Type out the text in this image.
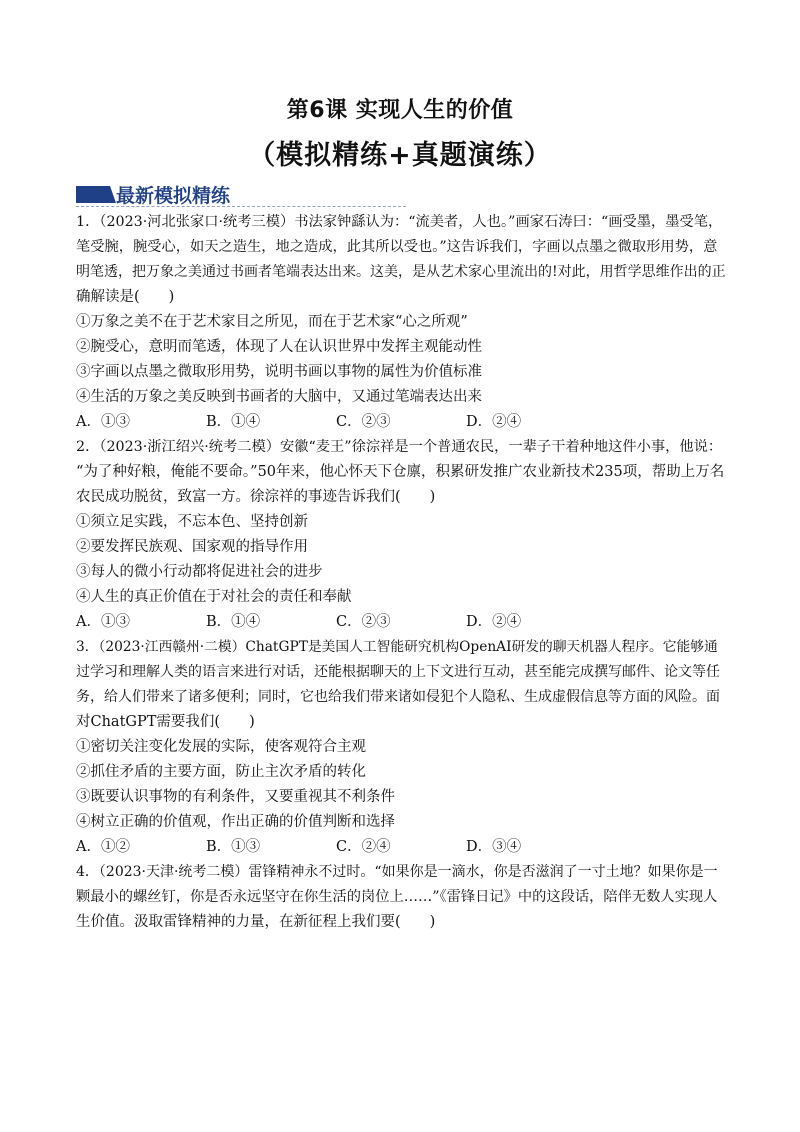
第6课 实现人生的价值
（模拟精练+真题演练）
最新模拟精练
1．（2023·河北张家口·统考三模）书法家钟繇认为：“流美者，人也。”画家石涛曰：“画受墨，墨受笔，
笔受腕，腕受心，如天之造生，地之造成，此其所以受也。”这告诉我们，字画以点墨之微取形用势，意
明笔透，把万象之美通过书画者笔端表达出来。这美，是从艺术家心里流出的!对此，用哲学思维作出的正
确解读是(　　)
①万象之美不在于艺术家目之所见，而在于艺术家“心之所观”
②腕受心，意明而笔透，体现了人在认识世界中发挥主观能动性
③字画以点墨之微取形用势，说明书画以事物的属性为价值标准
④生活的万象之美反映到书画者的大脑中，又通过笔端表达出来
A．①③	B．①④	C．②③	D．②④
2．（2023·浙江绍兴·统考二模）安徽“麦王”徐淙祥是一个普通农民，一辈子干着种地这件小事，他说：
“为了种好粮，俺能不要命。”50年来，他心怀天下仓廪，积累研发推广农业新技术235项，帮助上万名
农民成功脱贫，致富一方。徐淙祥的事迹告诉我们(　　)
①须立足实践，不忘本色、坚持创新
②要发挥民族观、国家观的指导作用
③每人的微小行动都将促进社会的进步
④人生的真正价值在于对社会的责任和奉献
A．①③	B．①④	C．②③	D．②④
3．（2023·江西赣州·二模）ChatGPT是美国人工智能研究机构OpenAI研发的聊天机器人程序。它能够通
过学习和理解人类的语言来进行对话，还能根据聊天的上下文进行互动，甚至能完成撰写邮件、论文等任
务，给人们带来了诸多便利；同时，它也给我们带来诸如侵犯个人隐私、生成虚假信息等方面的风险。面
对ChatGPT需要我们(　　)
①密切关注变化发展的实际，使客观符合主观
②抓住矛盾的主要方面，防止主次矛盾的转化
③既要认识事物的有利条件，又要重视其不利条件
④树立正确的价值观，作出正确的价值判断和选择
A．①②	B．①③	C．②④	D．③④
4．（2023·天津·统考二模）雷锋精神永不过时。“如果你是一滴水，你是否滋润了一寸土地？如果你是一
颗最小的螺丝钉，你是否永远坚守在你生活的岗位上……”《雷锋日记》中的这段话，陪伴无数人实现人
生价值。汲取雷锋精神的力量，在新征程上我们要(　　)
